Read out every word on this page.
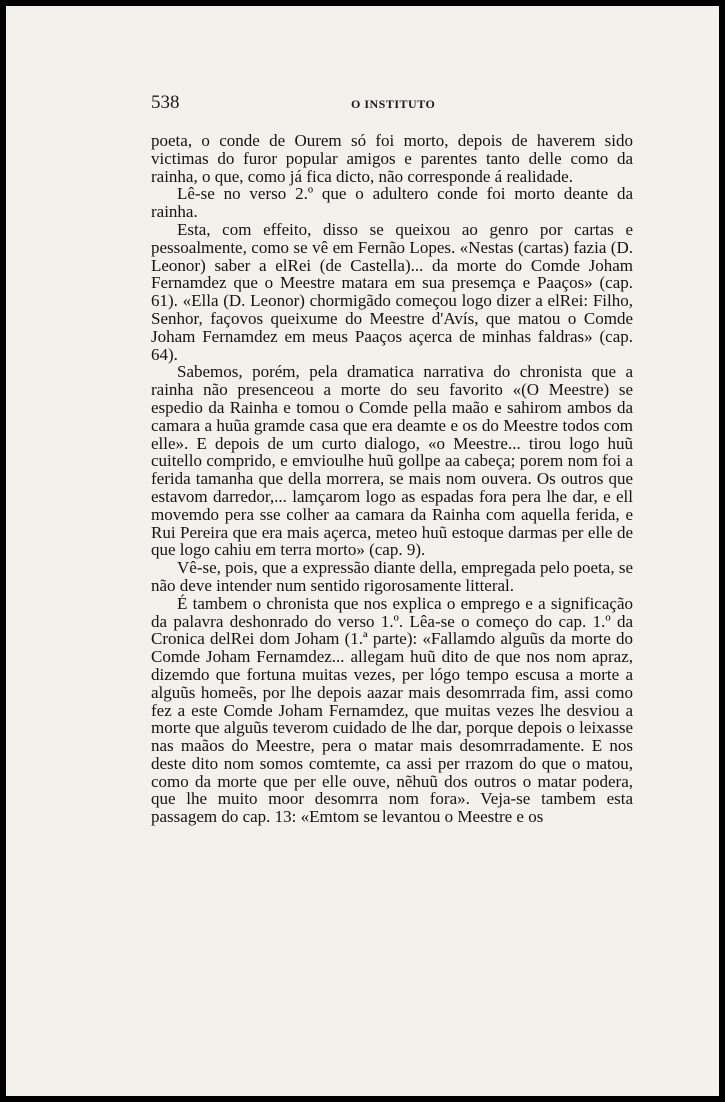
538	O INSTITUTO

poeta, o conde de Ourem só foi morto, depois de haverem sido victimas do furor popular amigos e parentes tanto delle como da rainha, o que, como já fica dicto, não corresponde á realidade.

Lê-se no verso 2.º que o adultero conde foi morto deante da rainha.

Esta, com effeito, disso se queixou ao genro por cartas e pessoalmente, como se vê em Fernão Lopes. «Nestas (cartas) fazia (D. Leonor) saber a elRei (de Castella)... da morte do Comde Joham Fernamdez que o Meestre matara em sua presemça e Paaços» (cap. 61). «Ella (D. Leonor) chormigãdo começou logo dizer a elRei: Filho, Senhor, façovos queixume do Meestre d'Avís, que matou o Comde Joham Fernamdez em meus Paaços açerca de minhas faldras» (cap. 64).

Sabemos, porém, pela dramatica narrativa do chronista que a rainha não presenceou a morte do seu favorito «(O Meestre) se espedio da Rainha e tomou o Comde pella maão e sahirom ambos da camara a huũa gramde casa que era deamte e os do Meestre todos com elle». E depois de um curto dialogo, «o Meestre... tirou logo huũ cuitello comprido, e emvioulhe huũ gollpe aa cabeça; porem nom foi a ferida tamanha que della morrera, se mais nom ouvera. Os outros que estavom darredor,... lamçarom logo as espadas fora pera lhe dar, e ell movemdo pera sse colher aa camara da Rainha com aquella ferida, e Rui Pereira que era mais açerca, meteo huũ estoque darmas per elle de que logo cahiu em terra morto» (cap. 9).

Vê-se, pois, que a expressão diante della, empregada pelo poeta, se não deve intender num sentido rigorosamente litteral.

É tambem o chronista que nos explica o emprego e a significação da palavra deshonrado do verso 1.º. Lêa-se o começo do cap. 1.º da Cronica delRei dom Joham (1.ª parte): «Fallamdo alguũs da morte do Comde Joham Fernamdez... allegam huũ dito de que nos nom apraz, dizemdo que fortuna muitas vezes, per lógo tempo escusa a morte a alguũs homeẽs, por lhe depois aazar mais desomrrada fim, assi como fez a este Comde Joham Fernamdez, que muitas vezes lhe desviou a morte que alguũs teverom cuidado de lhe dar, porque depois o leixasse nas maãos do Meestre, pera o matar mais desomrradamente. E nos deste dito nom somos comtemte, ca assi per rrazom do que o matou, como da morte que per elle ouve, nẽhuũ dos outros o matar podera, que lhe muito moor desomrra nom fora». Veja-se tambem esta passagem do cap. 13: «Emtom se levantou o Meestre e os
